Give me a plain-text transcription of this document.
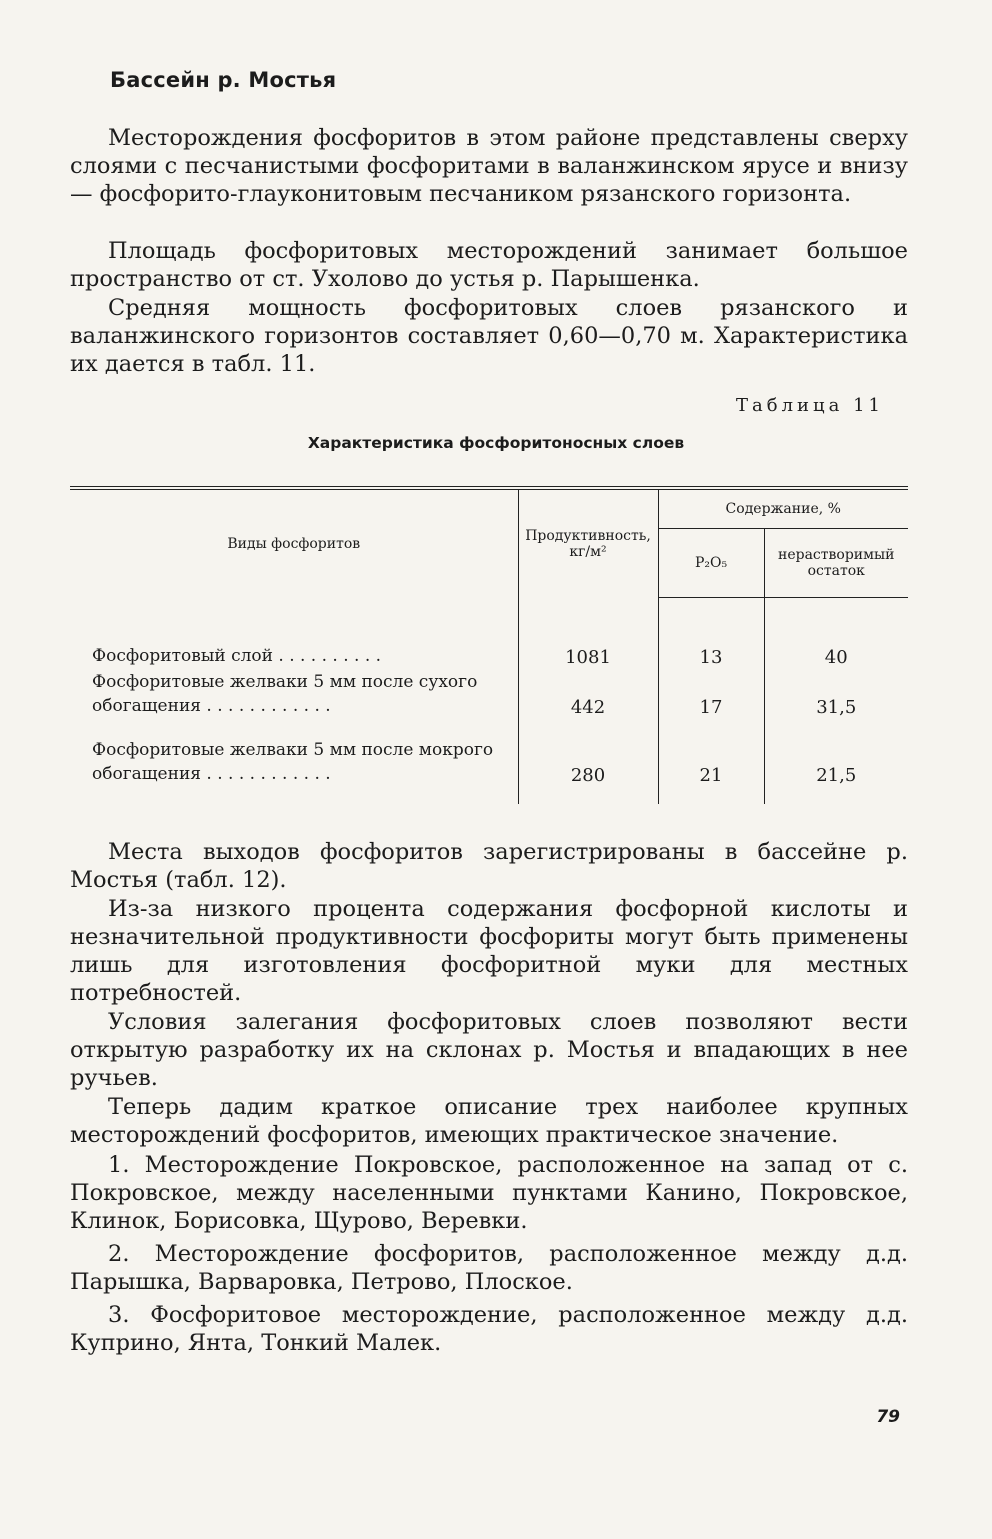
Бассейн р. Мостья

Месторождения фосфоритов в этом районе представлены сверху слоями с песчанистыми фосфоритами в валанжинском ярусе и внизу — фосфорито-глауконитовым песчаником рязанского горизонта.

Площадь фосфоритовых месторождений занимает большое пространство от ст. Ухолово до устья р. Парышенка.

Средняя мощность фосфоритовых слоев рязанского и валанжинского горизонтов составляет 0,60—0,70 м. Характеристика их дается в табл. 11.

Таблица 11
Характеристика фосфоритоносных слоев
Виды фосфоритов	Продуктивность, кг/м²	Содержание, %	
		P₂O₅	нерастворимый остаток
Фосфоритовый слой . . . . . . . . . .	1081	13	40
Фосфоритовые желваки 5 мм после сухого обогащения . . . . . . . . . . . .	442	17	31,5
Фосфоритовые желваки 5 мм после мокрого обогащения . . . . . . . . . . . .	280	21	21,5

Места выходов фосфоритов зарегистрированы в бассейне р. Мостья (табл. 12).

Из-за низкого процента содержания фосфорной кислоты и незначительной продуктивности фосфориты могут быть применены лишь для изготовления фосфоритной муки для местных потребностей.

Условия залегания фосфоритовых слоев позволяют вести открытую разработку их на склонах р. Мостья и впадающих в нее ручьев.

Теперь дадим краткое описание трех наиболее крупных месторождений фосфоритов, имеющих практическое значение.

1. Месторождение Покровское, расположенное на запад от с. Покровское, между населенными пунктами Канино, Покровское, Клинок, Борисовка, Щурово, Веревки.

2. Месторождение фосфоритов, расположенное между д.д. Парышка, Варваровка, Петрово, Плоское.

3. Фосфоритовое месторождение, расположенное между д.д. Куприно, Янта, Тонкий Малек.

79
